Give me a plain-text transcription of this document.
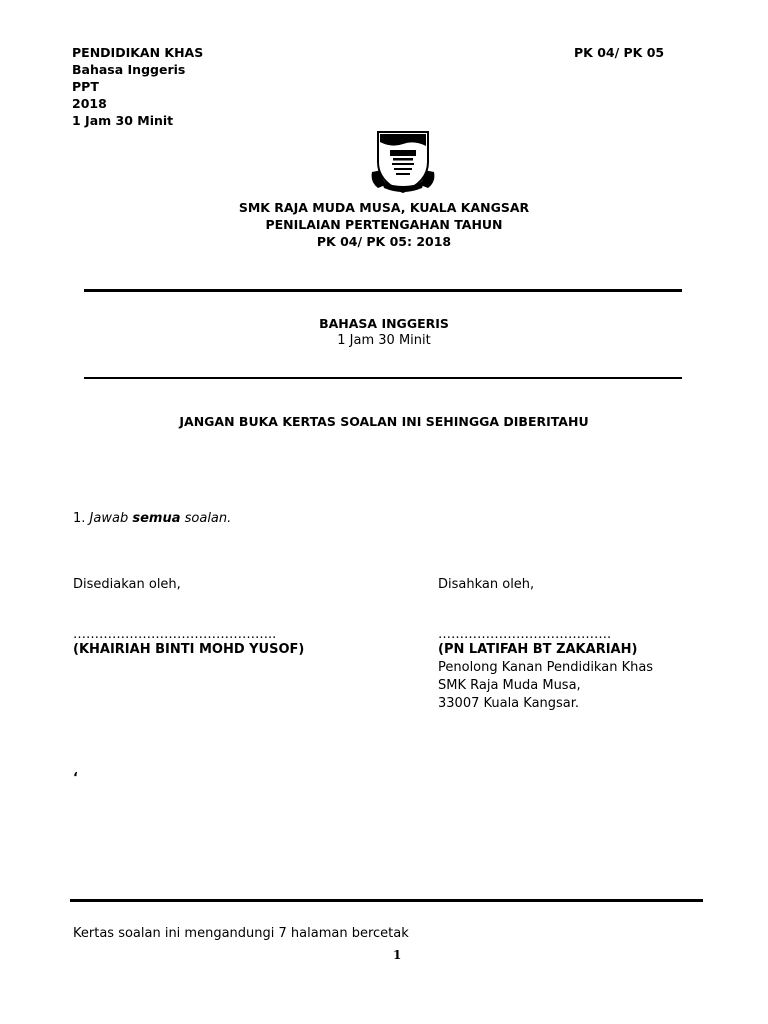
PENDIDIKAN KHAS
Bahasa Inggeris
PPT
2018
1 Jam 30 Minit
PK 04/ PK 05
SMK RAJA MUDA MUSA, KUALA KANGSAR
PENILAIAN PERTENGAHAN TAHUN
PK 04/ PK 05: 2018
BAHASA INGGERIS
1 Jam 30 Minit
JANGAN BUKA KERTAS SOALAN INI SEHINGGA DIBERITAHU
1. Jawab semua soalan.
Disediakan oleh,
………………………………………..
(KHAIRIAH BINTI MOHD YUSOF)
Disahkan oleh,
………………………………….
(PN LATIFAH BT ZAKARIAH)
Penolong Kanan Pendidikan Khas
SMK Raja Muda Musa,
33007 Kuala Kangsar.
‘
Kertas soalan ini mengandungi 7 halaman bercetak
1
